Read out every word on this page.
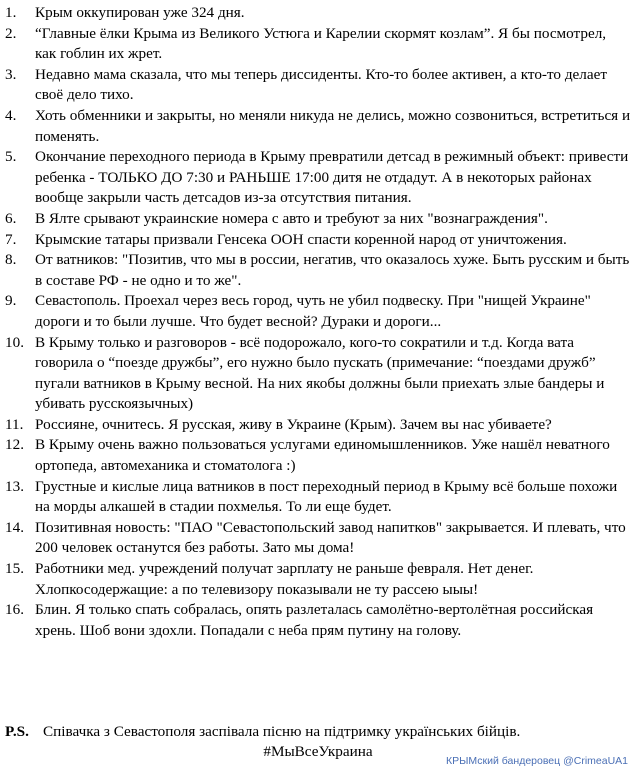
1. Крым оккупирован уже 324 дня.
2. “Главные ёлки Крыма из Великого Устюга и Карелии скормят козлам”. Я бы посмотрел, как гоблин их жрет.
3. Недавно мама сказала, что мы теперь диссиденты. Кто-то более активен, а кто-то делает своё дело тихо.
4. Хоть обменники и закрыты, но меняли никуда не делись, можно созвониться, встретиться и поменять.
5. Окончание переходного периода в Крыму превратили детсад в режимный объект: привести ребенка - ТОЛЬКО ДО 7:30 и РАНЬШЕ 17:00 дитя не отдадут. А в некоторых районах вообще закрыли часть детсадов из-за отсутствия питания.
6. В Ялте срывают украинские номера с авто и требуют за них "вознаграждения".
7. Крымские татары призвали Генсека ООН спасти коренной народ от уничтожения.
8. От ватников: "Позитив, что мы в россии, негатив, что оказалось хуже. Быть русским и быть в составе РФ - не одно и то же".
9. Севастополь. Проехал через весь город, чуть не убил подвеску. При "нищей Украине" дороги и то были лучше. Что будет весной? Дураки и дороги...
10. В Крыму только и разговоров - всё подорожало, кого-то сократили и т.д. Когда вата говорила о “поезде дружбы”, его нужно было пускать (примечание: “поездами дружб” пугали ватников в Крыму весной. На них якобы должны были приехать злые бандеры и убивать русскоязычных)
11. Россияне, очнитесь. Я русская, живу в Украине (Крым). Зачем вы нас убиваете?
12. В Крыму очень важно пользоваться услугами единомышленников. Уже нашёл неватного ортопеда, автомеханика и стоматолога :)
13. Грустные и кислые лица ватников в пост переходный период в Крыму всё больше похожи на морды алкашей в стадии похмелья. То ли еще будет.
14. Позитивная новость: "ПАО "Севастопольский завод напитков" закрывается. И плевать, что 200 человек останутся без работы. Зато мы дома!
15. Работники мед. учреждений получат зарплату не раньше февраля. Нет денег. Хлопкосодержащие: а по телевизору показывали не ту рассею ыыы!
16. Блин. Я только спать собралась, опять разлеталась самолётно-вертолётная российская хрень. Шоб вони здохли. Попадали с неба прям путину на голову.
P.S. Співачка з Севастополя заспівала пісню на підтримку українських бійців.
#МыВсеУкраина
КРЫМский бандеровец @CrimeaUA1
